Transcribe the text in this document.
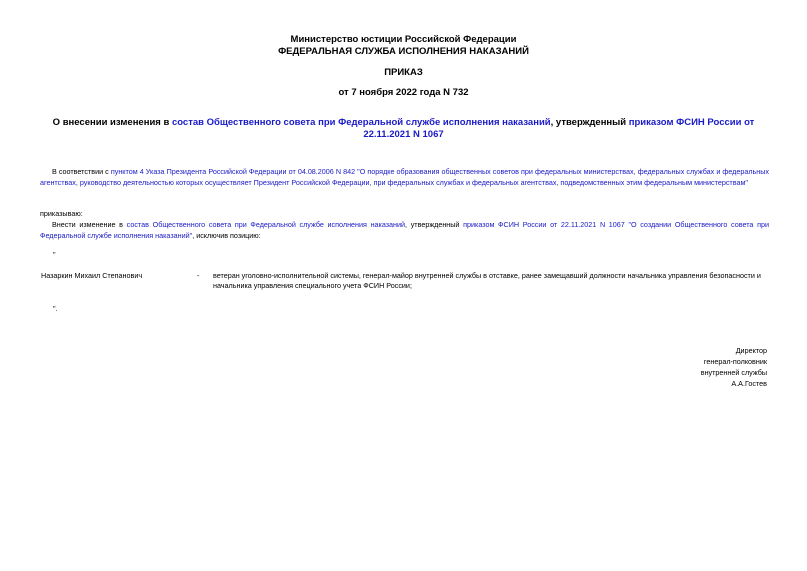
Министерство юстиции Российской Федерации
ФЕДЕРАЛЬНАЯ СЛУЖБА ИСПОЛНЕНИЯ НАКАЗАНИЙ
ПРИКАЗ
от 7 ноября 2022 года N 732
О внесении изменения в состав Общественного совета при Федеральной службе исполнения наказаний, утвержденный приказом ФСИН России от 22.11.2021 N 1067
В соответствии с пунктом 4 Указа Президента Российской Федерации от 04.08.2006 N 842 "О порядке образования общественных советов при федеральных министерствах, федеральных службах и федеральных агентствах, руководство деятельностью которых осуществляет Президент Российской Федерации, при федеральных службах и федеральных агентствах, подведомственных этим федеральным министерствам"
приказываю:
Внести изменение в состав Общественного совета при Федеральной службе исполнения наказаний, утвержденный приказом ФСИН России от 22.11.2021 N 1067 "О создании Общественного совета при Федеральной службе исполнения наказаний", исключив позицию:
"
Назаркин Михаил Степанович	- ветеран уголовно-исполнительной системы, генерал-майор внутренней службы в отставке, ранее замещавший должности начальника управления безопасности и начальника управления специального учета ФСИН России;
".
Директор
генерал-полковник
внутренней службы
А.А.Гостев
